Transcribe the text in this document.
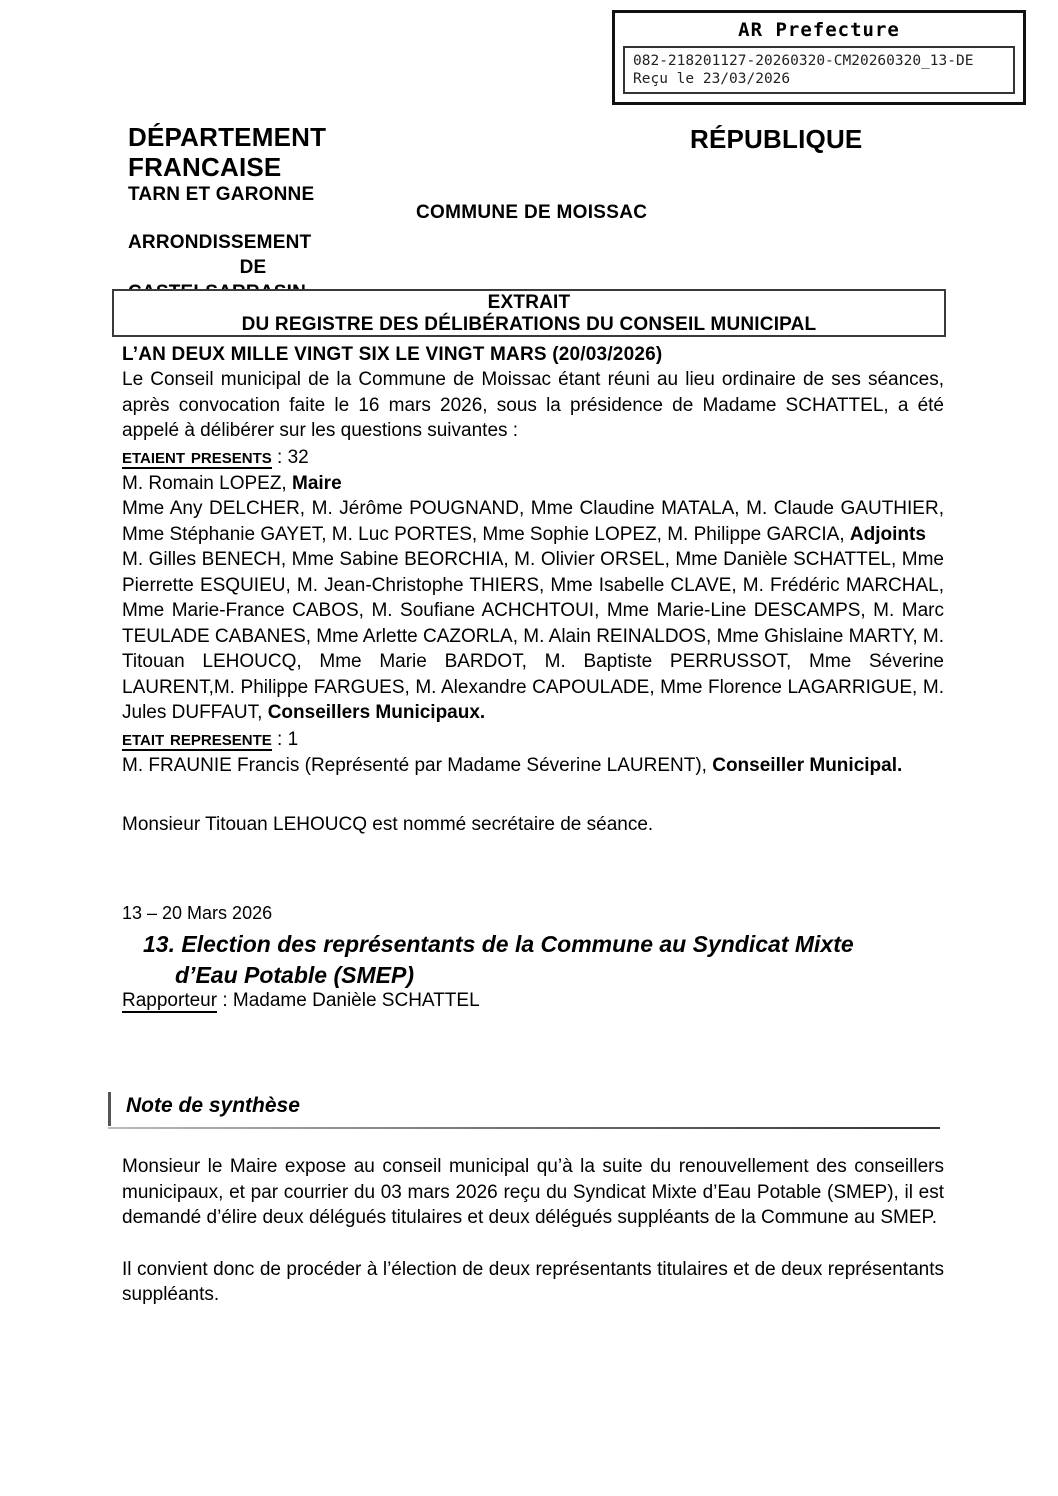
AR Prefecture
082-218201127-20260320-CM20260320_13-DE
Reçu le 23/03/2026
DÉPARTEMENT
FRANCAISE
TARN ET GARONNE
ARRONDISSEMENT
DE
RÉPUBLIQUE
COMMUNE DE MOISSAC
EXTRAIT
DU REGISTRE DES DÉLIBÉRATIONS DU CONSEIL MUNICIPAL
L’AN DEUX MILLE VINGT SIX LE VINGT MARS (20/03/2026)

Le Conseil municipal de la Commune de Moissac étant réuni au lieu ordinaire de ses séances, après convocation faite le 16 mars 2026, sous la présidence de Madame SCHATTEL, a été appelé à délibérer sur les questions suivantes :

etaient presents : 32

M. Romain LOPEZ, Maire

Mme Any DELCHER, M. Jérôme POUGNAND, Mme Claudine MATALA, M. Claude GAUTHIER, Mme Stéphanie GAYET, M. Luc PORTES, Mme Sophie LOPEZ, M. Philippe GARCIA, Adjoints

M. Gilles BENECH, Mme Sabine BEORCHIA, M. Olivier ORSEL, Mme Danièle SCHATTEL, Mme Pierrette ESQUIEU, M. Jean-Christophe THIERS, Mme Isabelle CLAVE, M. Frédéric MARCHAL, Mme Marie-France CABOS, M. Soufiane ACHCHTOUI, Mme Marie-Line DESCAMPS, M. Marc TEULADE CABANES, Mme Arlette CAZORLA, M. Alain REINALDOS, Mme Ghislaine MARTY, M. Titouan LEHOUCQ, Mme Marie BARDOT, M. Baptiste PERRUSSOT, Mme Séverine LAURENT,M. Philippe FARGUES, M. Alexandre CAPOULADE, Mme Florence LAGARRIGUE, M. Jules DUFFAUT, Conseillers Municipaux.

etait represente : 1

M. FRAUNIE Francis (Représenté par Madame Séverine LAURENT), Conseiller Municipal.

Monsieur Titouan LEHOUCQ est nommé secrétaire de séance.
13 – 20 Mars 2026
13. Election des représentants de la Commune au Syndicat Mixte
d’Eau Potable (SMEP)
Rapporteur : Madame Danièle SCHATTEL
Note de synthèse

Monsieur le Maire expose au conseil municipal qu’à la suite du renouvellement des conseillers municipaux, et par courrier du 03 mars 2026 reçu du Syndicat Mixte d’Eau Potable (SMEP), il est demandé d’élire deux délégués titulaires et deux délégués suppléants de la Commune au SMEP.

Il convient donc de procéder à l’élection de deux représentants titulaires et de deux représentants suppléants.
